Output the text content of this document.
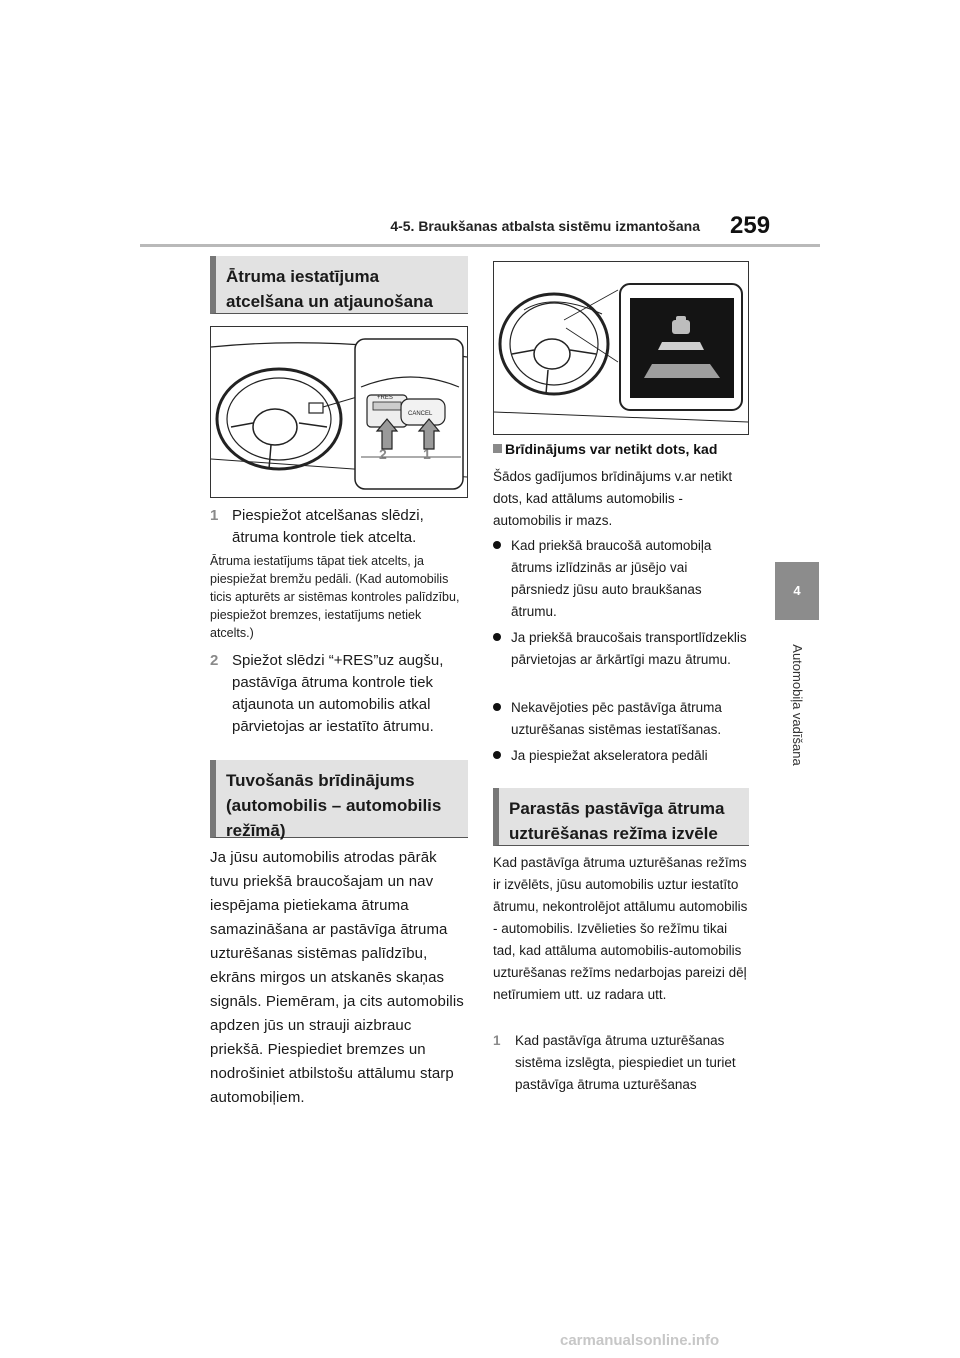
4-5. Braukšanas atbalsta sistēmu izmantošana 259
4
Automobiļa vadīšana
Ātruma iestatījuma atcelšana un atjaunošana
+RES
CANCEL
2	1
1 Piespiežot atcelšanas slēdzi, ātruma kontrole tiek atcelta.
Ātruma iestatījums tāpat tiek atcelts, ja piespiežat bremžu pedāli. (Kad automobilis ticis apturēts ar sistēmas kontroles palīdzību, piespiežot bremzes, iestatījums netiek atcelts.)
2 Spiežot slēdzi “+RES”uz augšu, pastāvīga ātruma kontrole tiek atjaunota un automobilis atkal pārvietojas ar iestatīto ātrumu.
Tuvošanās brīdinājums (automobilis – automobilis režīmā)
Ja jūsu automobilis atrodas pārāk tuvu priekšā braucošajam un nav iespējama pietiekama ātruma samazināšana ar pastāvīga ātruma uzturēšanas sistēmas palīdzību, ekrāns mirgos un atskanēs skaņas signāls. Piemēram, ja cits automobilis apdzen jūs un strauji aizbrauc priekšā. Piespiediet bremzes un nodrošiniet atbilstošu attālumu starp automobiļiem.
Brīdinājums var netikt dots, kad
Šādos gadījumos brīdinājums v.ar netikt dots, kad attālums automobilis - automobilis ir mazs.
Kad priekšā braucošā automobiļa ātrums izlīdzinās ar jūsējo vai pārsniedz jūsu auto braukšanas ātrumu.
Ja priekšā braucošais transportlīdzeklis pārvietojas ar ārkārtīgi mazu ātrumu.
Nekavējoties pēc pastāvīga ātruma uzturēšanas sistēmas iestatīšanas.
Ja piespiežat akseleratora pedāli
Parastās pastāvīga ātruma uzturēšanas režīma izvēle
Kad pastāvīga ātruma uzturēšanas režīms ir izvēlēts, jūsu automobilis uztur iestatīto ātrumu, nekontrolējot attālumu automobilis - automobilis. Izvēlieties šo režīmu tikai tad, kad attāluma automobilis-automobilis uzturēšanas režīms nedarbojas pareizi dēļ netīrumiem utt. uz radara utt.
1	Kad pastāvīga ātruma uzturēšanas sistēma izslēgta, piespiediet un turiet pastāvīga ātruma uzturēšanas
carmanualsonline.info
